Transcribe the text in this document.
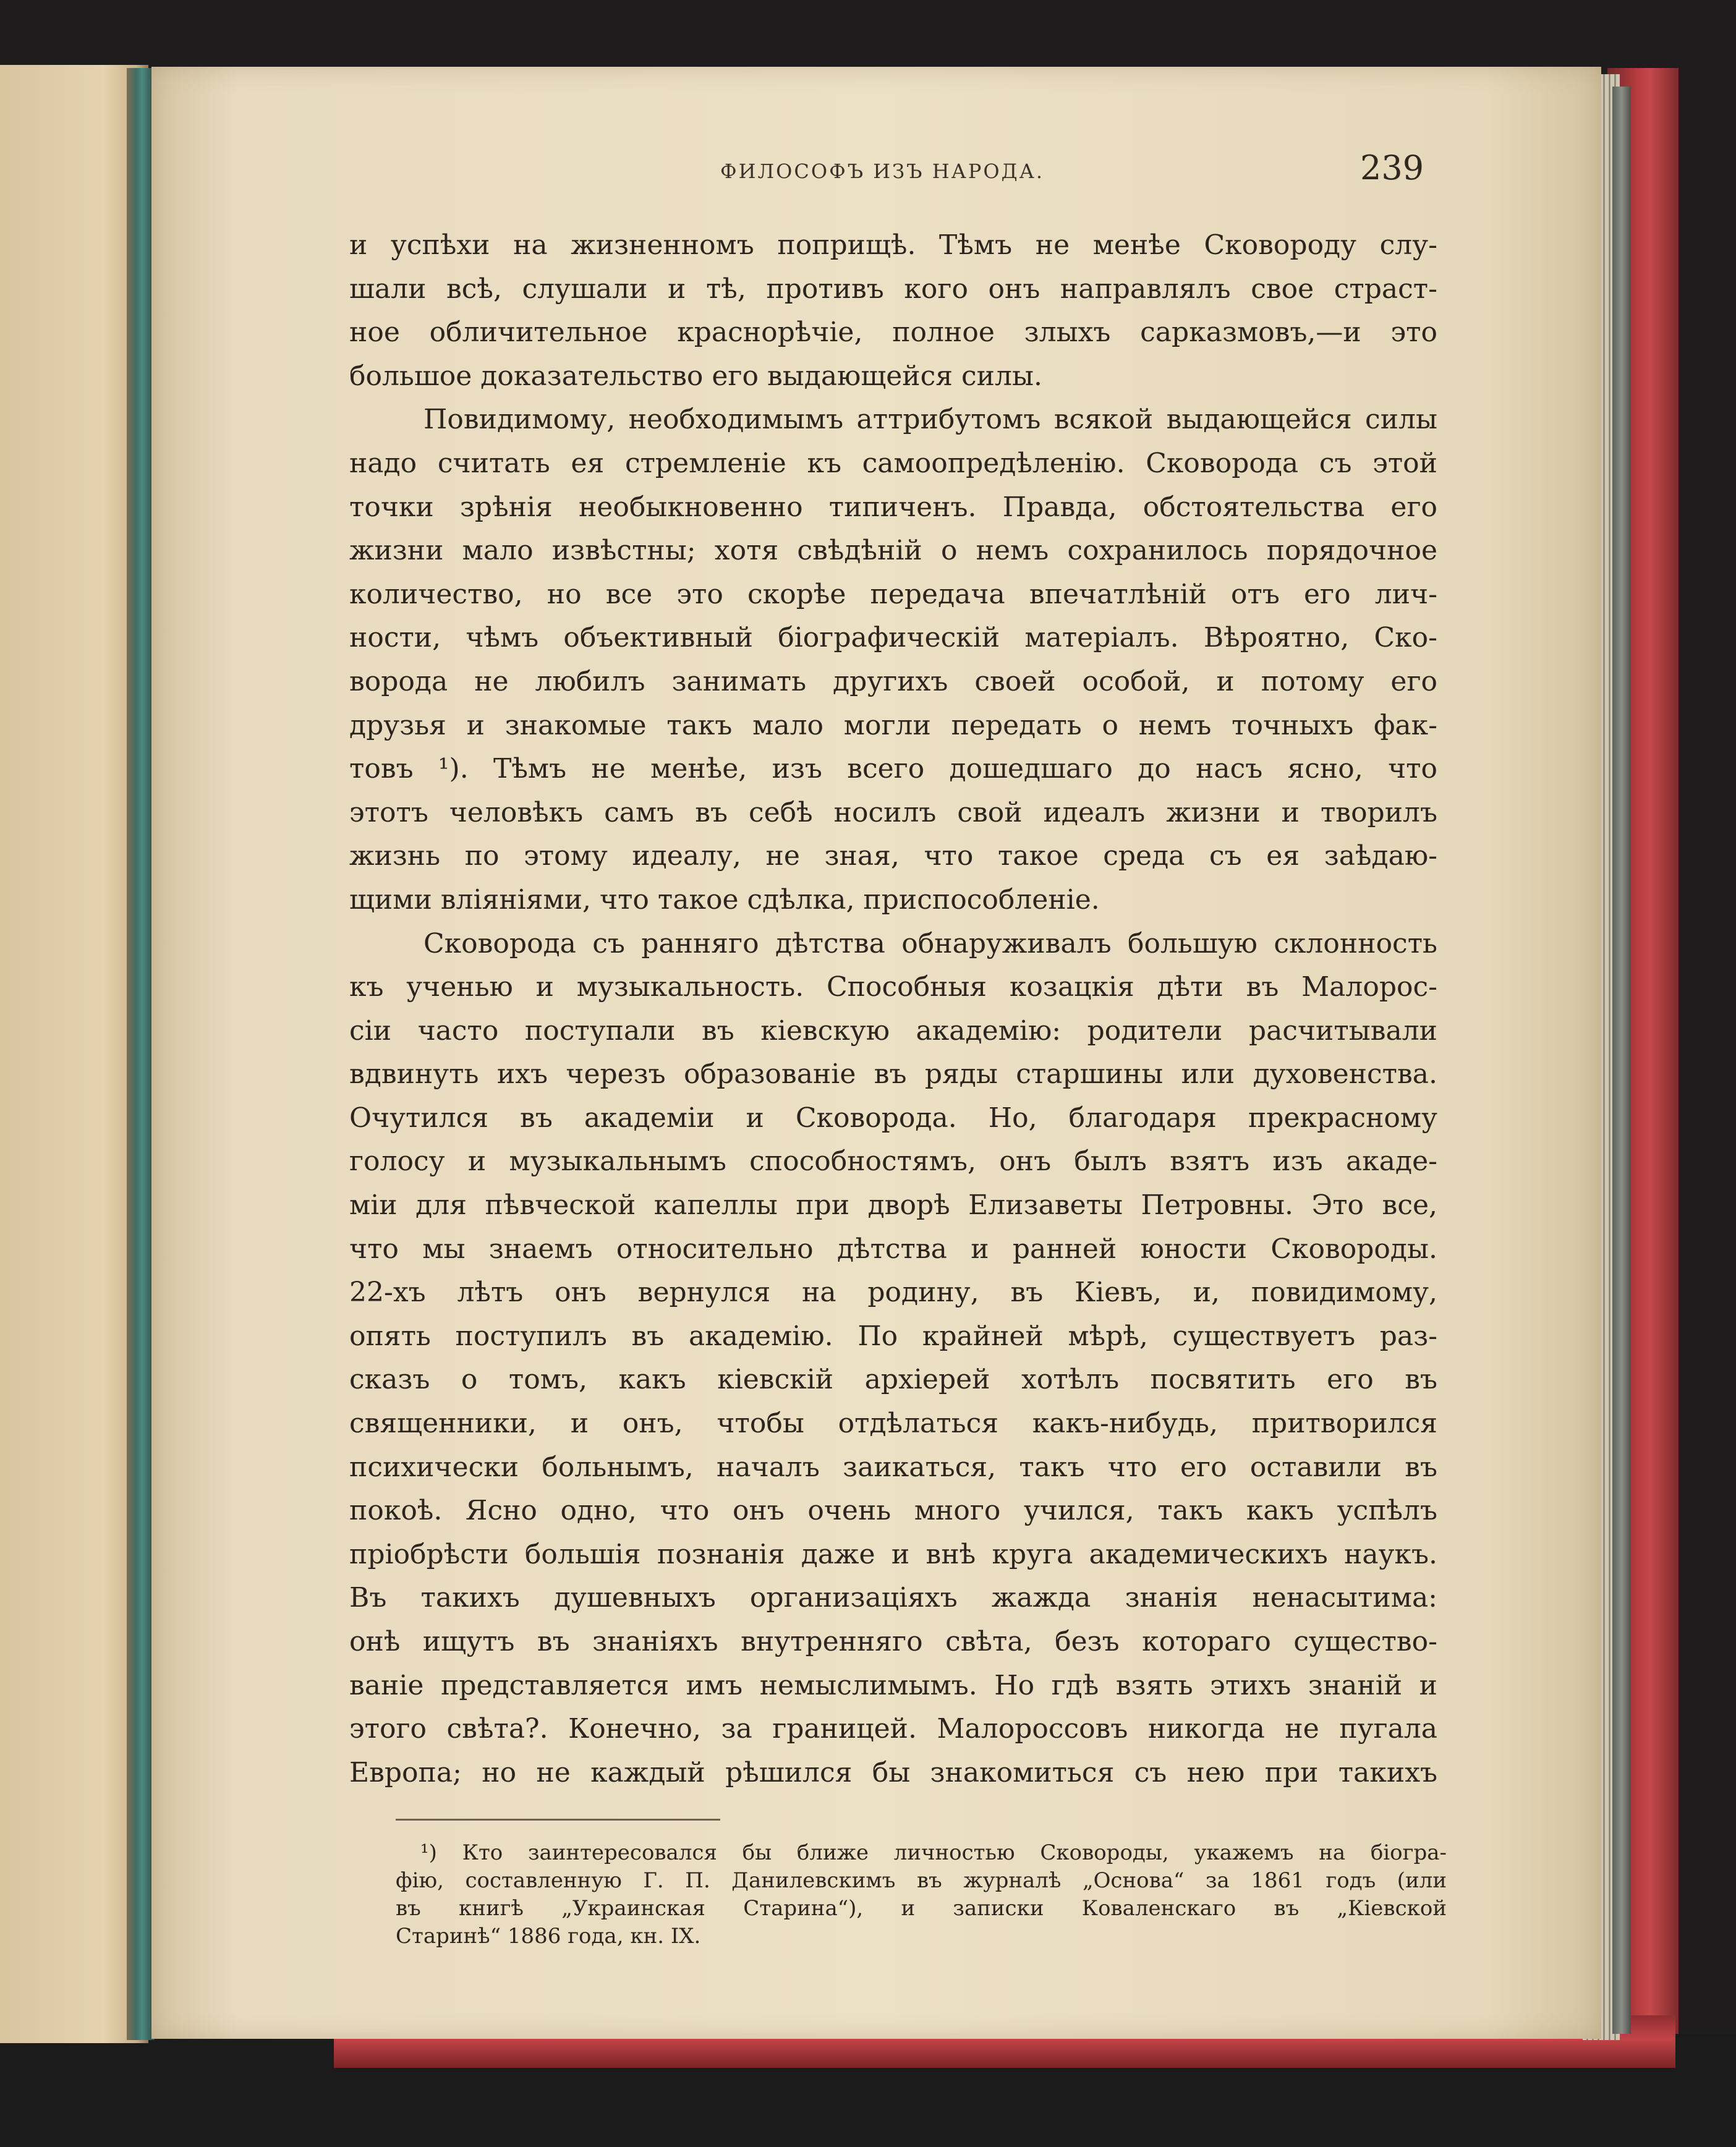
ФИЛОСОФЪ ИЗЪ НАРОДА.	239
и успѣхи на жизненномъ поприщѣ. Тѣмъ не менѣе Сковороду слу-
шали всѣ, слушали и тѣ, противъ кого онъ направлялъ свое страст-
ное обличительное краснорѣчіе, полное злыхъ сарказмовъ,—и это
большое доказательство его выдающейся силы.
Повидимому, необходимымъ аттрибутомъ всякой выдающейся силы
надо считать ея стремленіе къ самоопредѣленію. Сковорода съ этой
точки зрѣнія необыкновенно типиченъ. Правда, обстоятельства его
жизни мало извѣстны; хотя свѣдѣній о немъ сохранилось порядочное
количество, но все это скорѣе передача впечатлѣній отъ его лич-
ности, чѣмъ объективный біографическій матеріалъ. Вѣроятно, Ско-
ворода не любилъ занимать другихъ своей особой, и потому его
друзья и знакомые такъ мало могли передать о немъ точныхъ фак-
товъ ¹). Тѣмъ не менѣе, изъ всего дошедшаго до насъ ясно, что
этотъ человѣкъ самъ въ себѣ носилъ свой идеалъ жизни и творилъ
жизнь по этому идеалу, не зная, что такое среда съ ея заѣдаю-
щими вліяніями, что такое сдѣлка, приспособленіе.
Сковорода съ ранняго дѣтства обнаруживалъ большую склонность
къ ученью и музыкальность. Способныя козацкія дѣти въ Малорос-
сіи часто поступали въ кіевскую академію: родители расчитывали
вдвинуть ихъ черезъ образованіе въ ряды старшины или духовенства.
Очутился въ академіи и Сковорода. Но, благодаря прекрасному
голосу и музыкальнымъ способностямъ, онъ былъ взятъ изъ акаде-
міи для пѣвческой капеллы при дворѣ Елизаветы Петровны. Это все,
что мы знаемъ относительно дѣтства и ранней юности Сковороды.
22-хъ лѣтъ онъ вернулся на родину, въ Кіевъ, и, повидимому,
опять поступилъ въ академію. По крайней мѣрѣ, существуетъ раз-
сказъ о томъ, какъ кіевскій архіерей хотѣлъ посвятить его въ
священники, и онъ, чтобы отдѣлаться какъ-нибудь, притворился
психически больнымъ, началъ заикаться, такъ что его оставили въ
покоѣ. Ясно одно, что онъ очень много учился, такъ какъ успѣлъ
пріобрѣсти большія познанія даже и внѣ круга академическихъ наукъ.
Въ такихъ душевныхъ организаціяхъ жажда знанія ненасытима:
онѣ ищутъ въ знаніяхъ внутренняго свѣта, безъ котораго существо-
ваніе представляется имъ немыслимымъ. Но гдѣ взять этихъ знаній и
этого свѣта?. Конечно, за границей. Малороссовъ никогда не пугала
Европа; но не каждый рѣшился бы знакомиться съ нею при такихъ
¹) Кто заинтересовался бы ближе личностью Сковороды, укажемъ на біогра-
фію, составленную Г. П. Данилевскимъ въ журналѣ „Основа“ за 1861 годъ (или
въ книгѣ „Украинская Старина“), и записки Коваленскаго въ „Кіевской
Старинѣ“ 1886 года, кн. IX.
